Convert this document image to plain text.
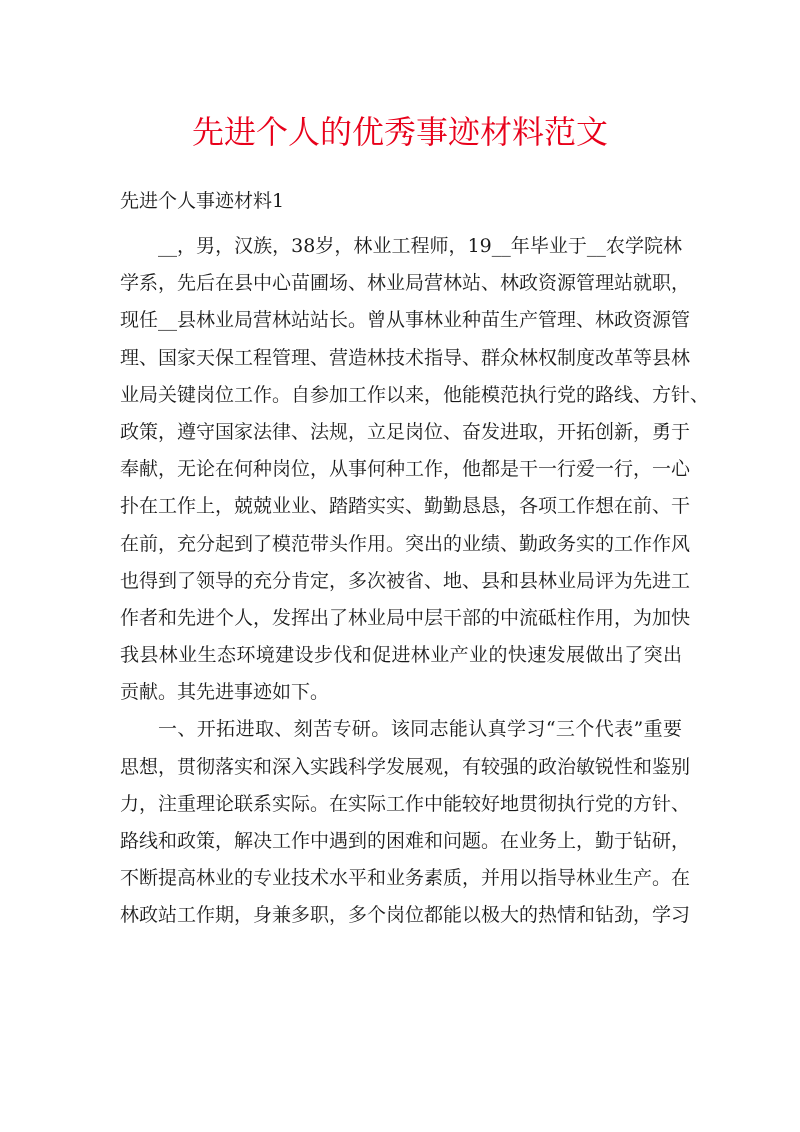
先进个人的优秀事迹材料范文
先进个人事迹材料1
__，男，汉族，38岁，林业工程师，19__年毕业于__农学院林
学系，先后在县中心苗圃场、林业局营林站、林政资源管理站就职，
现任__县林业局营林站站长。曾从事林业种苗生产管理、林政资源管
理、国家天保工程管理、营造林技术指导、群众林权制度改革等县林
业局关键岗位工作。自参加工作以来，他能模范执行党的路线、方针、
政策，遵守国家法律、法规，立足岗位、奋发进取，开拓创新，勇于
奉献，无论在何种岗位，从事何种工作，他都是干一行爱一行，一心
扑在工作上，兢兢业业、踏踏实实、勤勤恳恳，各项工作想在前、干
在前，充分起到了模范带头作用。突出的业绩、勤政务实的工作作风
也得到了领导的充分肯定，多次被省、地、县和县林业局评为先进工
作者和先进个人，发挥出了林业局中层干部的中流砥柱作用，为加快
我县林业生态环境建设步伐和促进林业产业的快速发展做出了突出
贡献。其先进事迹如下。
一、开拓进取、刻苦专研。该同志能认真学习“三个代表”重要
思想，贯彻落实和深入实践科学发展观，有较强的政治敏锐性和鉴别
力，注重理论联系实际。在实际工作中能较好地贯彻执行党的方针、
路线和政策，解决工作中遇到的困难和问题。在业务上，勤于钻研，
不断提高林业的专业技术水平和业务素质，并用以指导林业生产。在
林政站工作期，身兼多职，多个岗位都能以极大的热情和钻劲，学习
